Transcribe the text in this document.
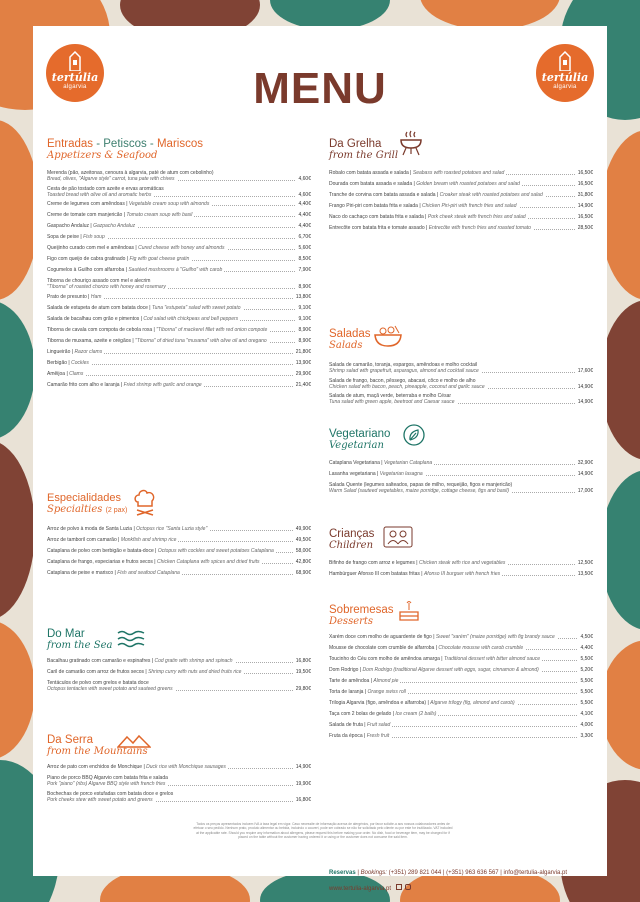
tertúlia
algarvia
tertúlia
algarvia
MENU
Entradas - Petiscos - Mariscos
Appetizers & Seafood
Merenda (pão, azeitonas, cenoura à algarvia, paté de atum com cebolinho)
Bread, olives, "Algarve style" carrot, tuna pate with chives	4,60€
Cesta de pão tostado com azeite e ervas aromáticas
Toasted bread with olive oil and aromatic herbs	4,60€
Creme de legumes com amêndoas | Vegetable cream soup with almonds	4,40€
Creme de tomate com manjericão | Tomato cream soup with basil	4,40€
Gaspacho Andaluz | Gazpacho Andaluz	4,40€
Sopa de peixe | Fish soup	6,70€
Queijinho curado com mel e amêndoas | Cured cheese with honey and almonds	5,60€
Figo com queijo de cabra gratinado | Fig with goat cheese gratin	8,50€
Cogumelos à Guilho com alfarroba | Sautéed mushrooms à "Guilho" with carob	7,90€
Tiborna de chouriço assado com mel e alecrim
"Tiborna" of roasted chorizo with honey and rosemary	8,90€
Prato de presunto | Ham	13,80€
Salada de estupeta de atum com batata doce | Tuna "estupeta" salad with sweet potato	9,10€
Salada de bacalhau com grão e pimentos | Cod salad with chickpeas and bell peppers	9,10€
Tiborna de cavala com compota de cebola roxa | "Tiborna" of mackerel fillet with red onion compote	8,90€
Tiborna de muxama, azeite e orégãos | "Tiborna" of dried tuna "muxama" with olive oil and oregano	8,90€
Lingueirão | Razor clams	21,80€
Berbigão | Cockles	13,90€
Amêijoa | Clams	29,90€
Camarão frito com alho e laranja | Fried shrimp with garlic and orange	21,40€
Especialidades
Specialties (2 pax)
Arroz de polvo à moda de Santa Luzia | Octopus rice "Santa Luzia style"	49,90€
Arroz de tamboril com camarão | Monkfish and shrimp rice	49,50€
Cataplana de polvo com berbigão e batata-doce | Octopus with cockles and sweet potatoes Cataplana	58,00€
Cataplana de frango, especiarias e frutos secos | Chicken Cataplana with spices and dried fruits	42,80€
Cataplana de peixe e marisco | Fish and seafood Cataplana	68,90€
Do Mar
from the Sea
Bacalhau gratinado com camarão e espinafres | Cod gratin with shrimp and spinach	16,80€
Caril de camarão com arroz de frutos secos | Shrimp curry with nuts and dried fruits rice	19,50€
Tentáculos de polvo com grelos e batata doce
Octopus tentacles with sweet potato and sauteed greens	29,80€
Da Serra
from the Mountains
Arroz de pato com enchidos de Monchique | Duck rice with Monchique sausages	14,90€
Piano de porco BBQ Algarvio com batata frita e salada
Pork "piano" (ribs) Algarve BBQ style with french fries	19,90€
Bochechas de porco estufadas com batata doce e grelos
Pork cheeks stew with sweet potato and greens	16,80€
Da Grelha
from the Grill
Robalo com batata assada e salada | Seabass with roasted potatoes and salad	16,50€
Dourada com batata assada e salada | Golden bream with roasted potatoes and salad	16,50€
Tranche de corvina com batata assada e salada | Croaker steak with roasted potatoes and salad	31,80€
Frango Piri-piri com batata frita e salada | Chicken Piri-piri with french fries and salad	14,90€
Naco do cachaço com batata frita e salada | Pork cheek steak with french fries and salad	16,50€
Entrecôte com batata frita e tomate assado | Entrecôte with french fries and roasted tomato	28,50€
Saladas
Salads
Salada de camarão, toranja, espargos, amêndoas e molho cocktail
Shrimp salad with grapefruit, asparagus, almond and cocktail sauce	17,60€
Salada de frango, bacon, pêssego, abacaxi, côco e molho de alho
Chicken salad with bacon, peach, pineapple, coconut and garlic sauce	14,90€
Salada de atum, maçã verde, beterraba e molho César
Tuna salad with green apple, beetroot and Caesar sauce	14,90€
Vegetariano
Vegetarian
Cataplana Vegetariana | Vegetarian Cataplana	32,90€
Lasanha vegetariana | Vegetarian lasagna	14,90€
Salada Quente (legumes salteados, papas de milho, requeijão, figos e manjericão)
Warm Salad (sauteed vegetables, maize porridge, cottage cheese, figs and basil)	17,00€
Crianças
Children
Bifinho de frango com arroz e legumes | Chicken steak with rice and vegetables	12,50€
Hambúrguer Afonso III com batatas fritas | Afonso III burguer with french fries	13,50€
Sobremesas
Desserts
Xarém doce com molho de aguardente de figo | Sweet "xarém" (maize porridge) with fig brandy sauce	4,50€
Mousse de chocolate com crumble de alfarroba | Chocolate mousse with carob crumble	4,40€
Toucinho do Céu com molho de amêndoa amarga | Traditional dessert with bitter almond sauce	5,50€
Dom Rodrigo | Dom Rodrigo (traditional Algarve dessert with eggs, sugar, cinnamon & almond)	5,20€
Tarte de amêndoa | Almond pie	5,50€
Torta de laranja | Orange swiss roll	5,50€
Trilogia Algarvia (figo, amêndoa e alfarroba) | Algarve trilogy (fig, almond and carob)	5,50€
Taça com 2 bolas de gelado | Ice cream (2 balls)	4,10€
Salada de fruta | Fruit salad	4,00€
Fruta da época | Fresh fruit	3,30€
Reservas | Bookings: (+351) 289 821 044 | (+351) 963 636 567 | info@tertulia-algarvia.pt
www.tertulia-algarvia.pt
Todos os preços apresentados incluem IVA à taxa legal em vigor. Caso necessite de informação acerca de alergénios, por favor solicite-a aos nossos colaboradores antes de efetuar o seu pedido. Nenhum prato, produto alimentar ou bebida, incluindo o couvert, pode ser cobrado se não for solicitado pelo cliente ou por este for inutilizado. VAT included at the applicable rate. Should you require any information about allergens, please request this before making your order. No dish, food or beverage item, may be charged for if placed on the table without the customer having ordered it or using or the customer does not consume the said item.
